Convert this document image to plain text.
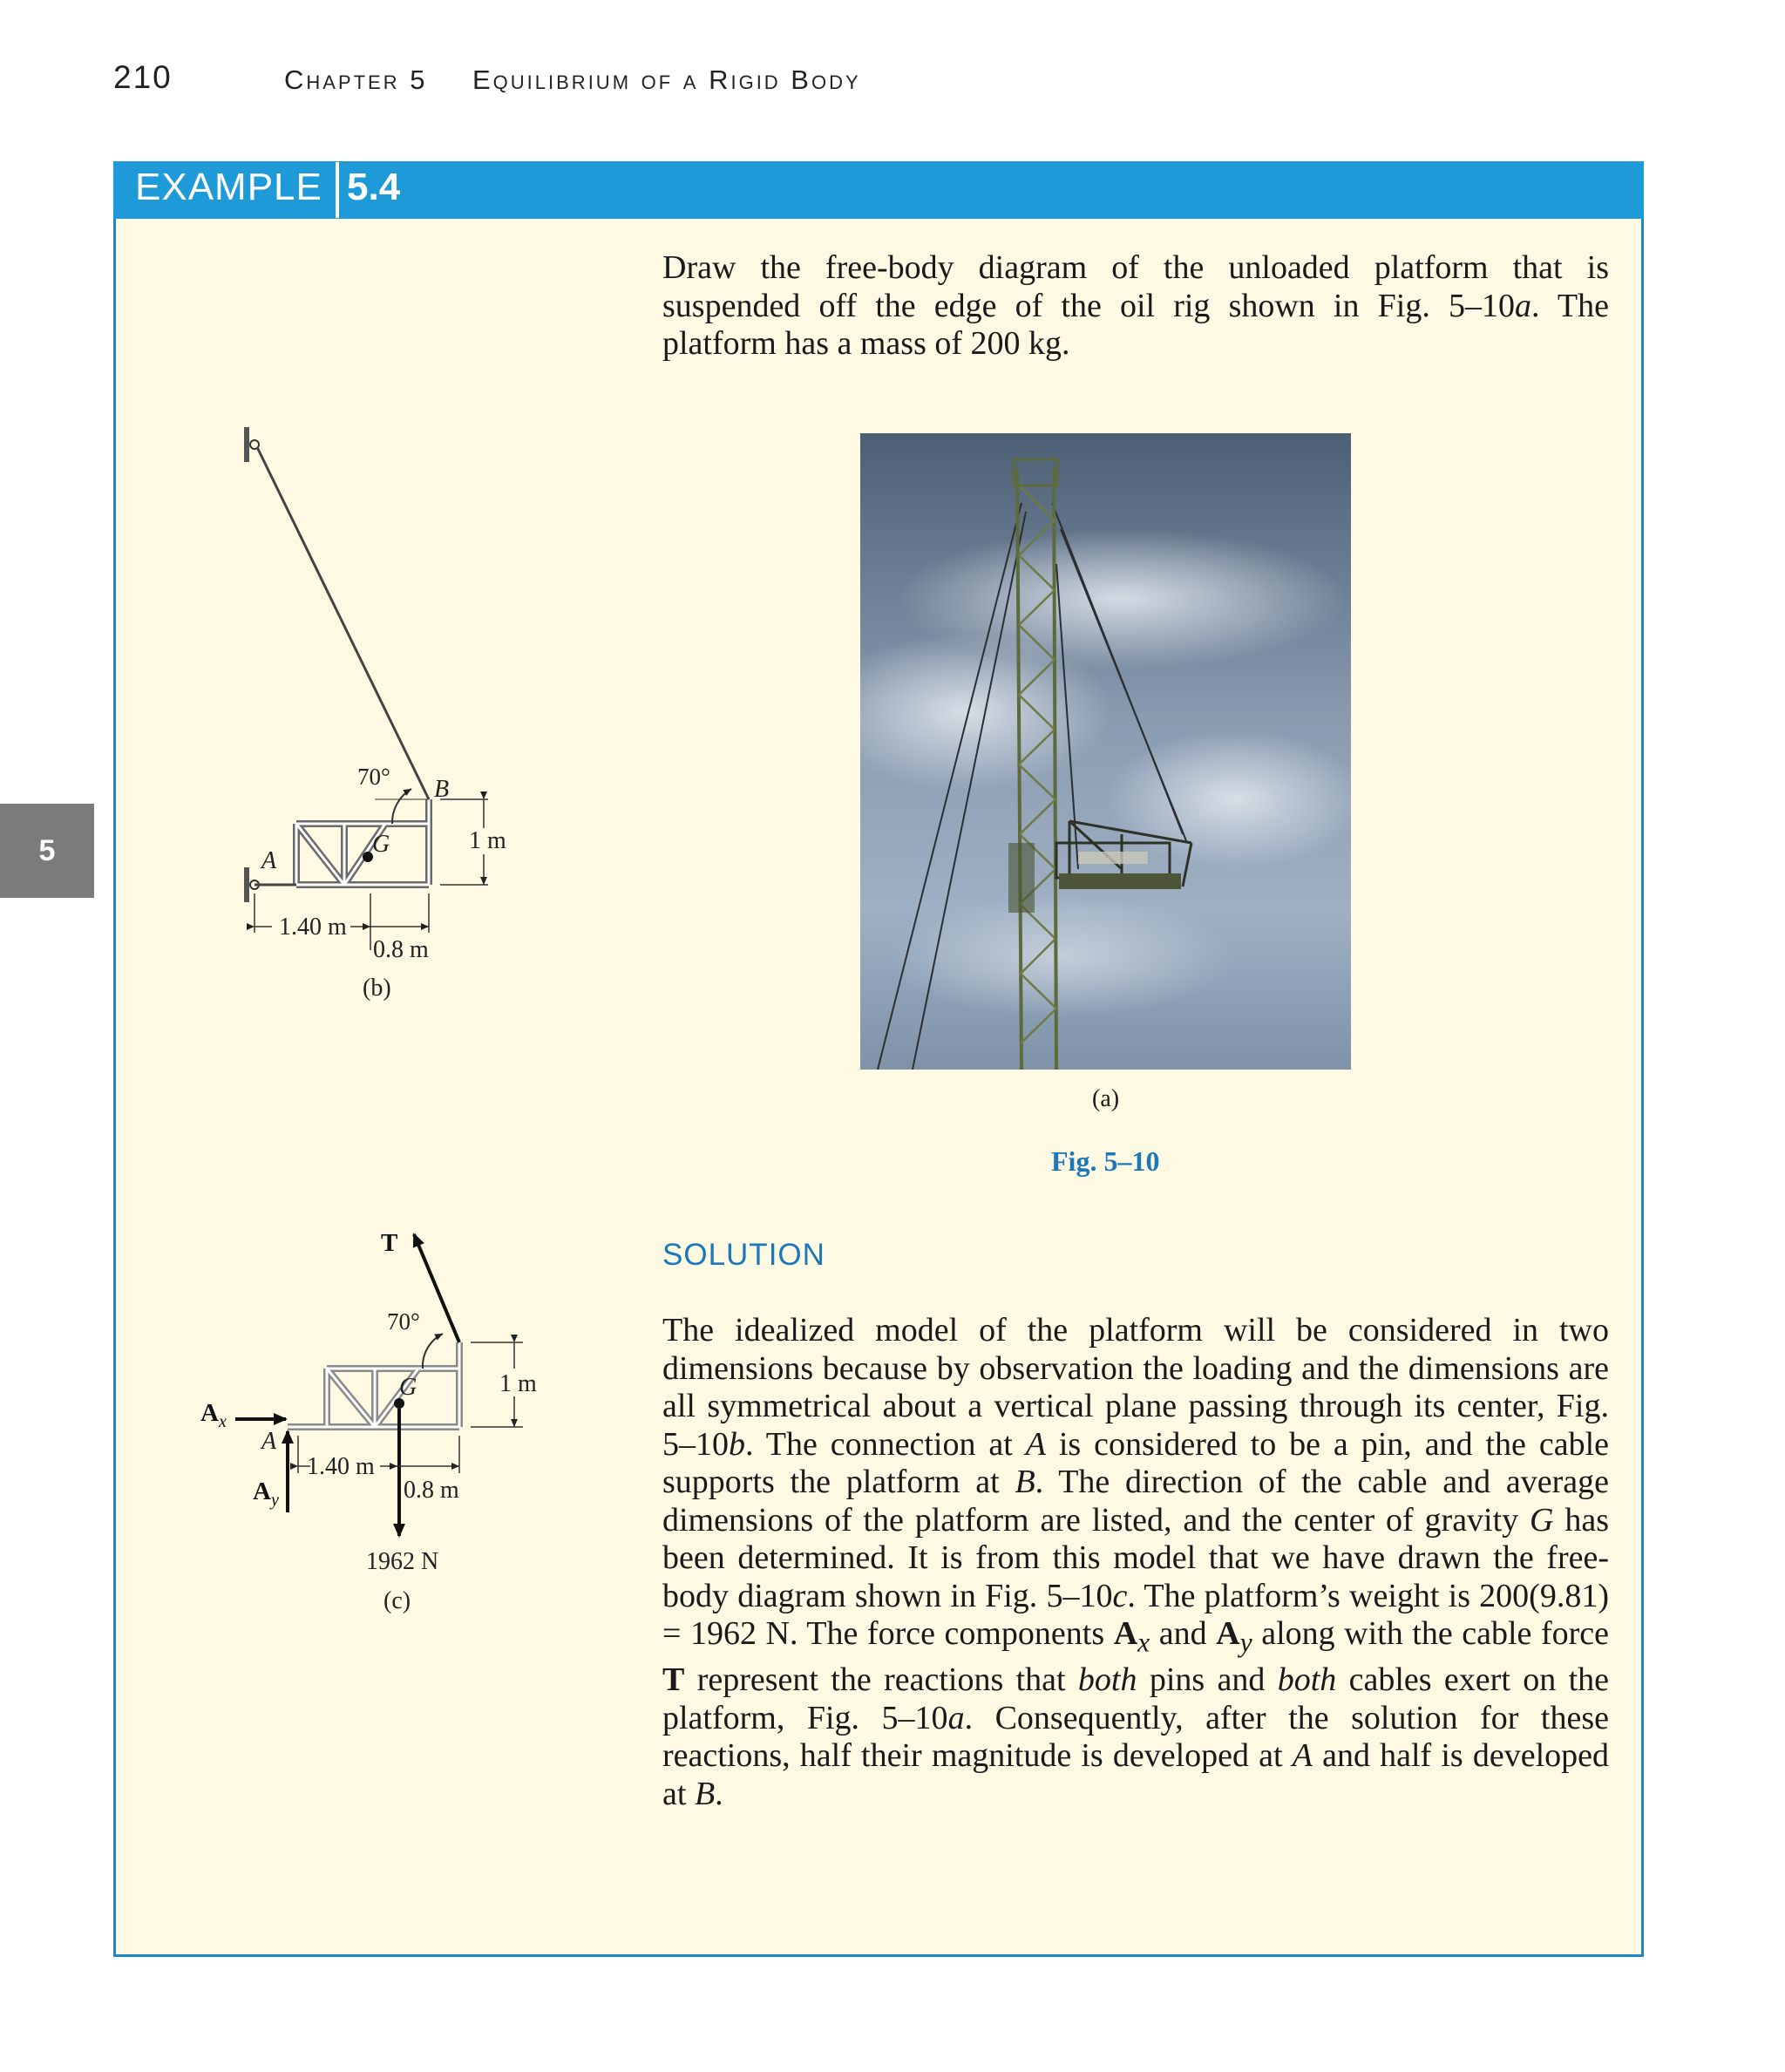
210	Chapter 5 Equilibrium of a Rigid Body
5
EXAMPLE 5.4
Draw the free-body diagram of the unloaded platform that is suspended off the edge of the oil rig shown in Fig. 5–10a. The platform has a mass of 200 kg.
(a)
Fig. 5–10
70° B
G
A
1 m
1.40 m
0.8 m
(b)
T
70°
G
A
$A_x$
$A_y$
1 m
1.40 m
0.8 m
1962 N
(c)
SOLUTION
The idealized model of the platform will be considered in two dimensions because by observation the loading and the dimensions are all symmetrical about a vertical plane passing through its center, Fig. 5–10b. The connection at A is considered to be a pin, and the cable supports the platform at B. The direction of the cable and average dimensions of the platform are listed, and the center of gravity G has been determined. It is from this model that we have drawn the free-body diagram shown in Fig. 5–10c. The platform’s weight is 200(9.81) = 1962 N. The force components $A_x$ and $A_y$ along with the cable force T represent the reactions that both pins and both cables exert on the platform, Fig. 5–10a. Consequently, after the solution for these reactions, half their magnitude is developed at A and half is developed at B.
